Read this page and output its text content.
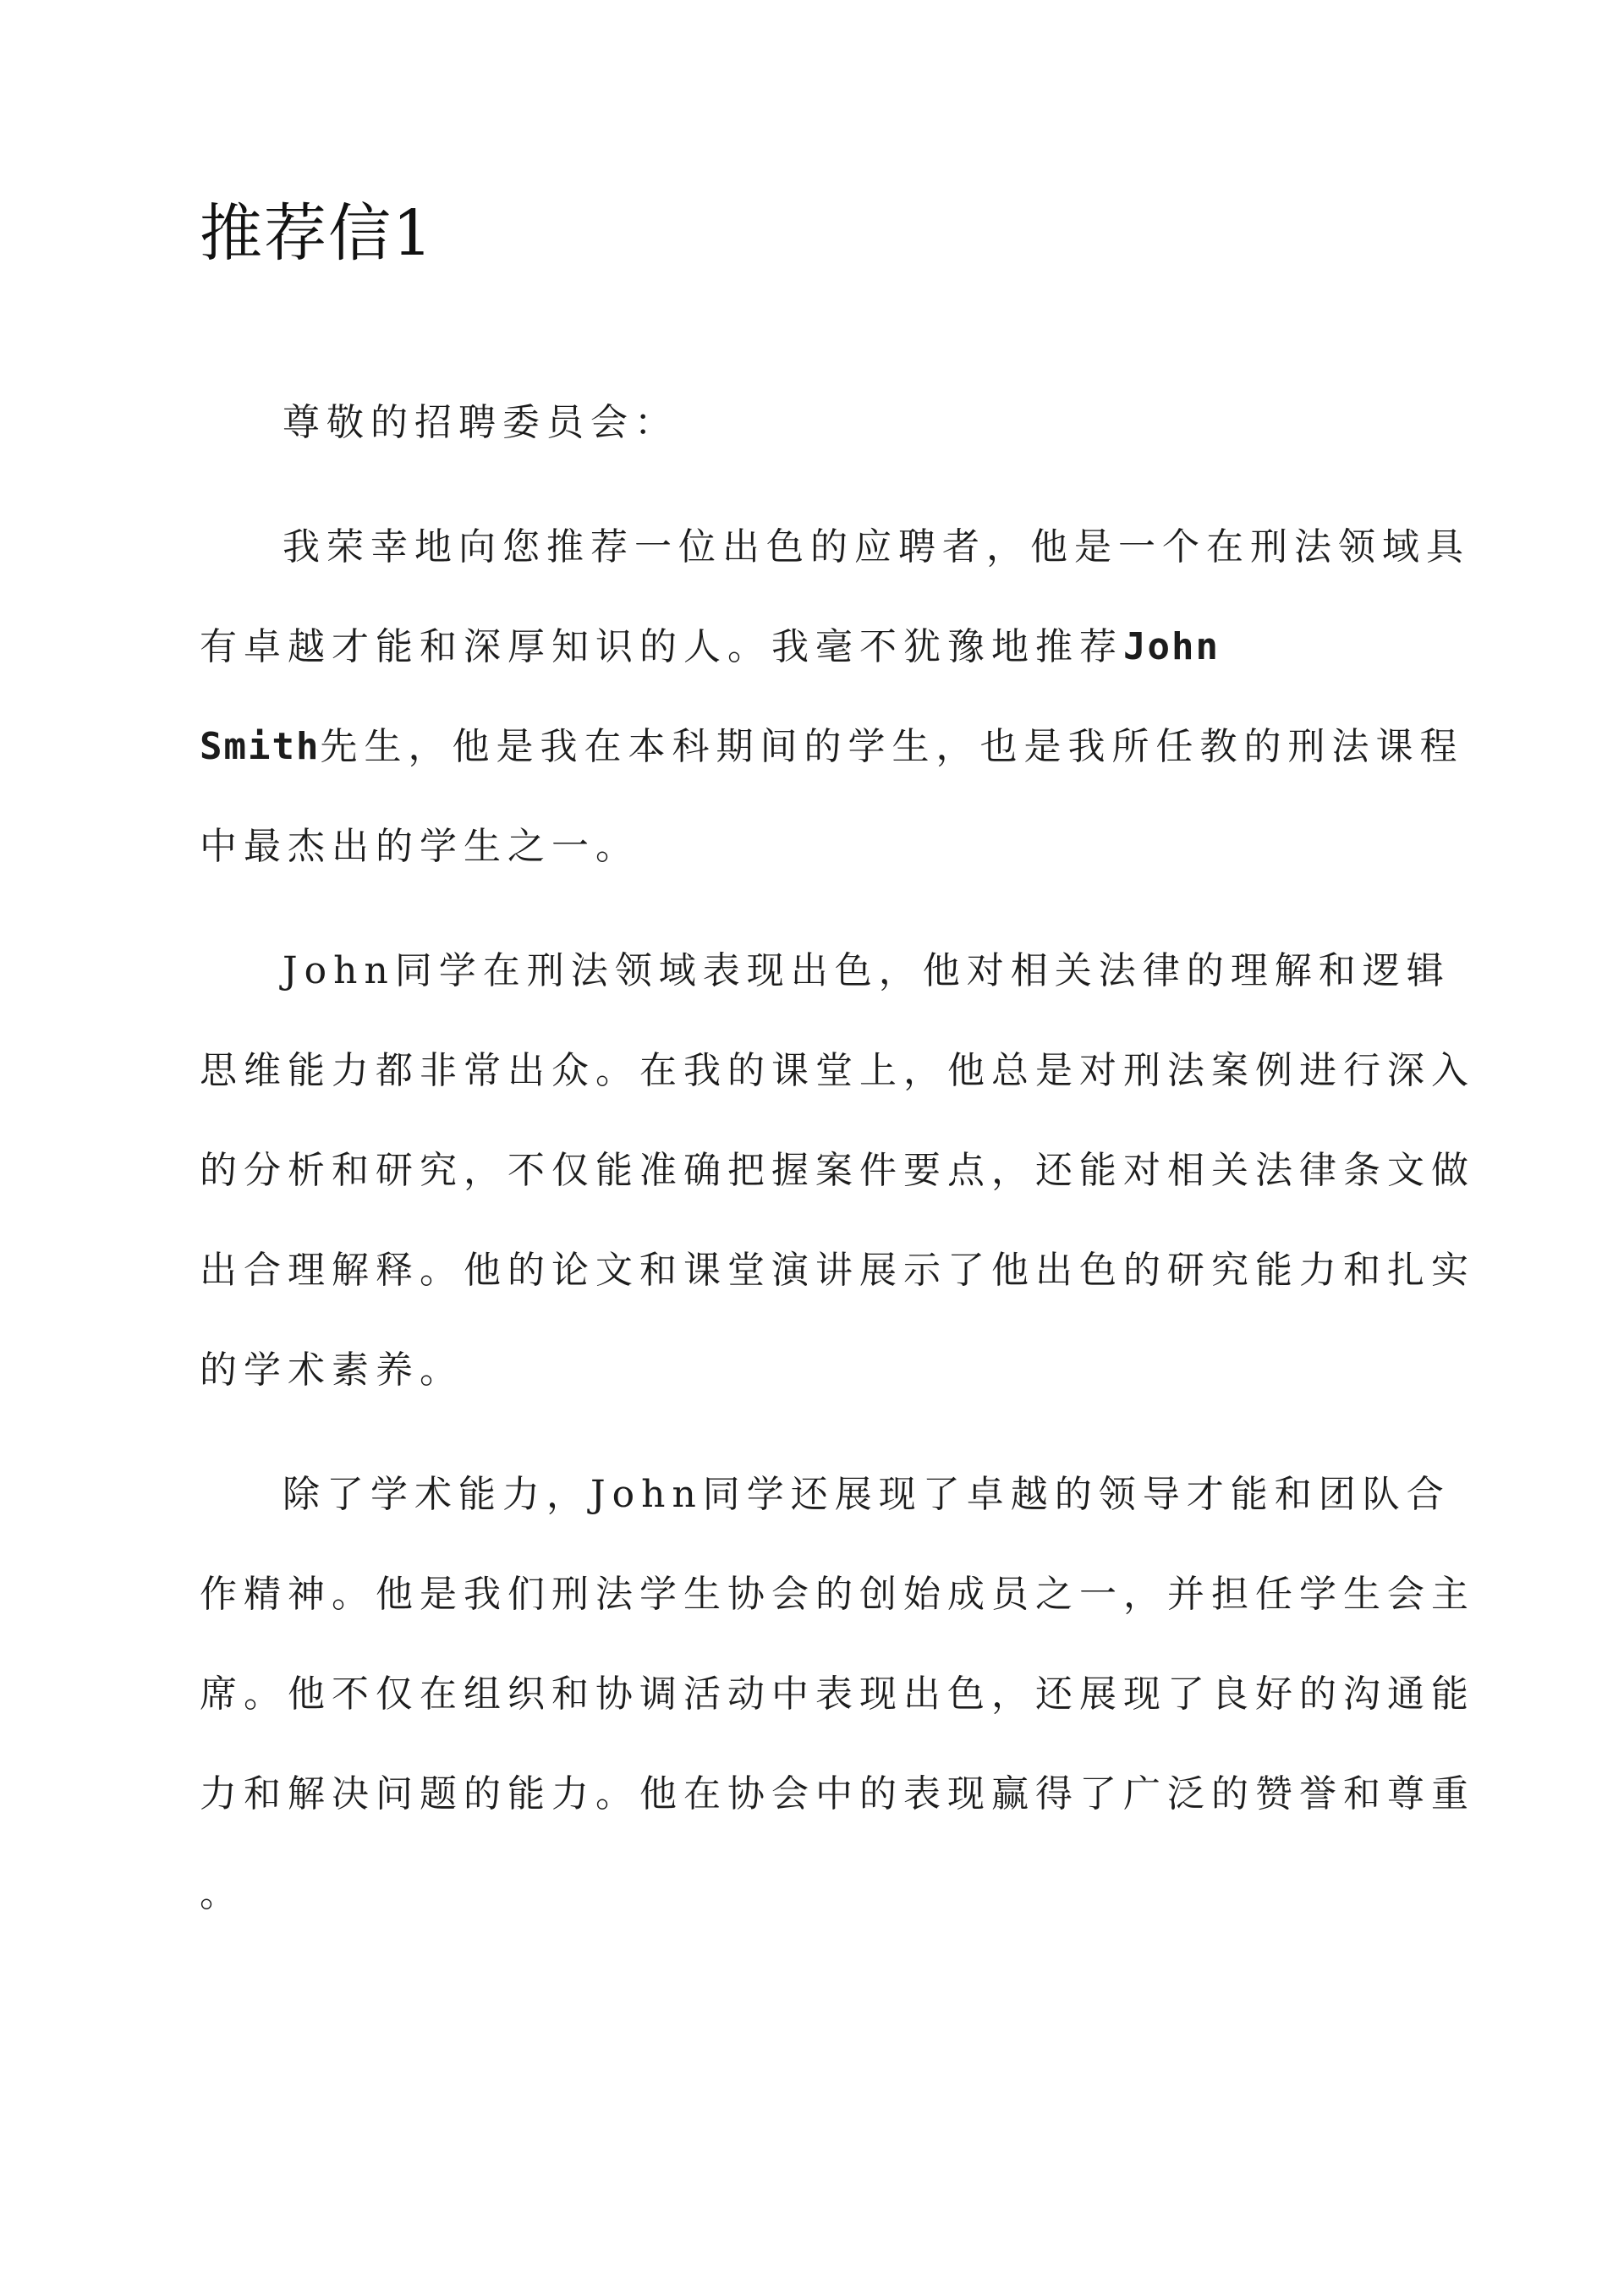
推荐信1

尊敬的招聘委员会：

我荣幸地向您推荐一位出色的应聘者，他是一个在刑法领域具

有卓越才能和深厚知识的人。我毫不犹豫地推荐John

Smith先生，他是我在本科期间的学生，也是我所任教的刑法课程

中最杰出的学生之一。

John同学在刑法领域表现出色，他对相关法律的理解和逻辑

思维能力都非常出众。在我的课堂上，他总是对刑法案例进行深入

的分析和研究，不仅能准确把握案件要点，还能对相关法律条文做

出合理解释。他的论文和课堂演讲展示了他出色的研究能力和扎实

的学术素养。

除了学术能力，John同学还展现了卓越的领导才能和团队合

作精神。他是我们刑法学生协会的创始成员之一，并担任学生会主

席。他不仅在组织和协调活动中表现出色，还展现了良好的沟通能

力和解决问题的能力。他在协会中的表现赢得了广泛的赞誉和尊重

。
